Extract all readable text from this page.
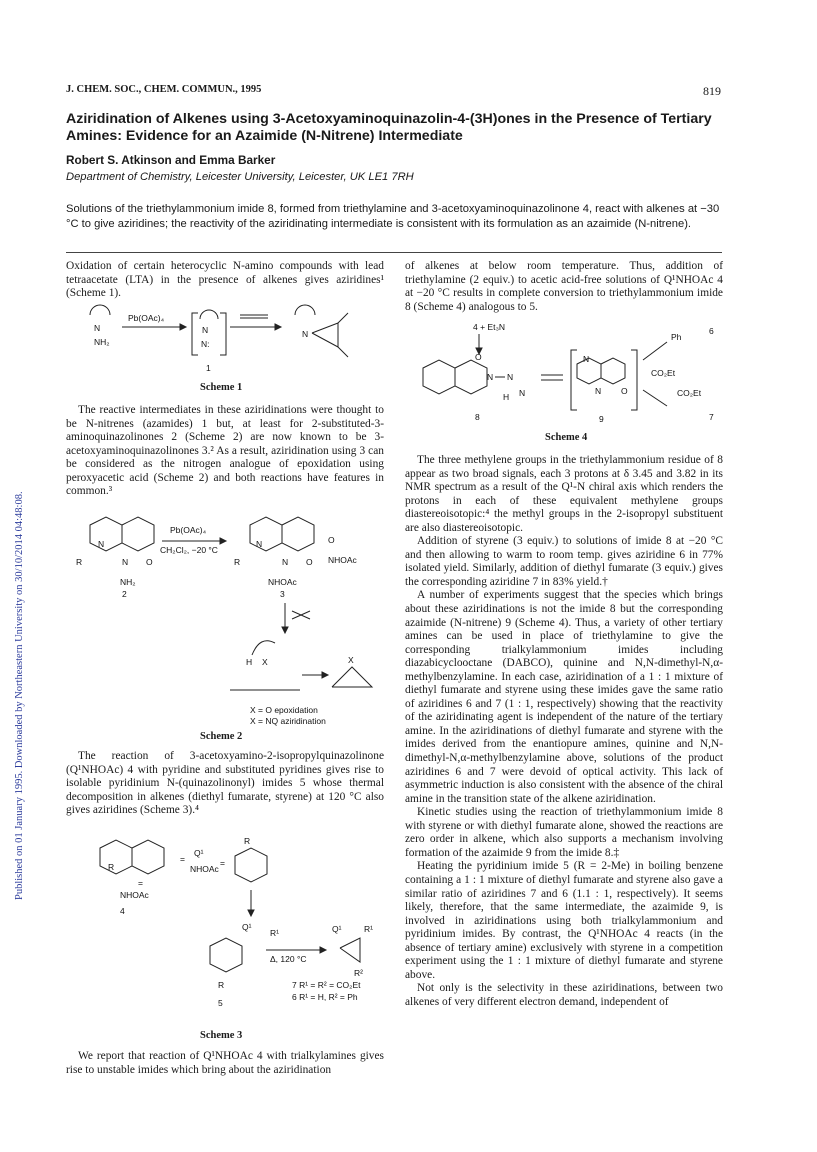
Published on 01 January 1995. Downloaded by Northeastern University on 30/10/2014 04:48:08.
J. CHEM. SOC., CHEM. COMMUN., 1995	819
Aziridination of Alkenes using 3-Acetoxyaminoquinazolin-4-(3H)ones in the Presence of Tertiary Amines: Evidence for an Azaimide (N-Nitrene) Intermediate
Robert S. Atkinson and Emma Barker
Department of Chemistry, Leicester University, Leicester, UK LE1 7RH
Solutions of the triethylammonium imide 8, formed from triethylamine and 3-acetoxyaminoquinazolinone 4, react with alkenes at −30 °C to give aziridines; the reactivity of the aziridinating intermediate is consistent with its formulation as an azaimide (N-nitrene).

Oxidation of certain heterocyclic N-amino compounds with lead tetraacetate (LTA) in the presence of alkenes gives aziridines¹ (Scheme 1).

N
NH₂
Pb(OAc)₄
N
N:
1
N
Scheme 1

The reactive intermediates in these aziridinations were thought to be N-nitrenes (azamides) 1 but, at least for 2-substituted-3-aminoquinazolinones 2 (Scheme 2) are now known to be 3-acetoxyaminoquinazolinones 3.² As a result, aziridination using 3 can be considered as the nitrogen analogue of epoxidation using peroxyacetic acid (Scheme 2) and both reactions have features in common.³

N
R	N O
NH₂
2
Pb(OAc)₄
CH₂Cl₂, −20 °C
N
R	N O
NHOAc
3
O
NHOAc
H X	X
X = O epoxidation
X = NQ aziridination
Scheme 2

The reaction of 3-acetoxyamino-2-isopropylquinazolinone (Q¹NHOAc) 4 with pyridine and substituted pyridines gives rise to isolable pyridinium N-(quinazolinonyl) imides 5 whose thermal decomposition in alkenes (diethyl fumarate, styrene) at 120 °C also gives aziridines (Scheme 3).⁴

R
=
NHOAc
4
=
Q¹
NHOAc
=
R
Q¹
R
5
Δ, 120 °C
R¹	Q¹	R¹
R²
7 R¹ = R² = CO₂Et
6 R¹ = H, R² = Ph
Scheme 3

We report that reaction of Q¹NHOAc 4 with trialkylamines gives rise to unstable imides which bring about the aziridination

of alkenes at below room temperature. Thus, addition of triethylamine (2 equiv.) to acetic acid-free solutions of Q¹NHOAc 4 at −20 °C results in complete conversion to triethylammonium imide 8 (Scheme 4) analogous to 5.

4 + Et₃N
O
N N
N
H
8
N
N O
9
Ph
6
CO₂Et
CO₂Et
7
Scheme 4

The three methylene groups in the triethylammonium residue of 8 appear as two broad signals, each 3 protons at δ 3.45 and 3.82 in its NMR spectrum as a result of the Q¹-N chiral axis which renders the protons in each of these equivalent methylene groups diastereoisotopic:⁴ the methyl groups in the 2-isopropyl substituent are also diastereoisotopic.

Addition of styrene (3 equiv.) to solutions of imide 8 at −20 °C and then allowing to warm to room temp. gives aziridine 6 in 77% isolated yield. Similarly, addition of diethyl fumarate (3 equiv.) gives the corresponding aziridine 7 in 83% yield.†

A number of experiments suggest that the species which brings about these aziridinations is not the imide 8 but the corresponding azaimide (N-nitrene) 9 (Scheme 4). Thus, a variety of other tertiary amines can be used in place of triethylamine to give the corresponding trialkylammonium imides including diazabicyclooctane (DABCO), quinine and N,N-dimethyl-N,α-methylbenzylamine. In each case, aziridination of a 1 : 1 mixture of diethyl fumarate and styrene using these imides gave the same ratio of aziridines 6 and 7 (1 : 1, respectively) showing that the reactivity of the aziridinating agent is independent of the nature of the tertiary amine. In the aziridinations of diethyl fumarate and styrene with the imides derived from the enantiopure amines, quinine and N,N-dimethyl-N,α-methylbenzylamine above, solutions of the product aziridines 6 and 7 were devoid of optical activity. This lack of asymmetric induction is also consistent with the absence of the chiral amine in the transition state of the alkene aziridination.

Kinetic studies using the reaction of triethylammonium imide 8 with styrene or with diethyl fumarate alone, showed the reactions are zero order in alkene, which also supports a mechanism involving formation of the azaimide 9 from the imide 8.‡

Heating the pyridinium imide 5 (R = 2-Me) in boiling benzene containing a 1 : 1 mixture of diethyl fumarate and styrene also gave a similar ratio of aziridines 7 and 6 (1.1 : 1, respectively). It seems likely, therefore, that the same intermediate, the azaimide 9, is involved in aziridinations using both trialkylammonium and pyridinium imides. By contrast, the Q¹NHOAc 4 reacts (in the absence of tertiary amine) exclusively with styrene in a competition experiment using the 1 : 1 mixture of diethyl fumarate and styrene above.

Not only is the selectivity in these aziridinations, between two alkenes of very different electron demand, independent of
